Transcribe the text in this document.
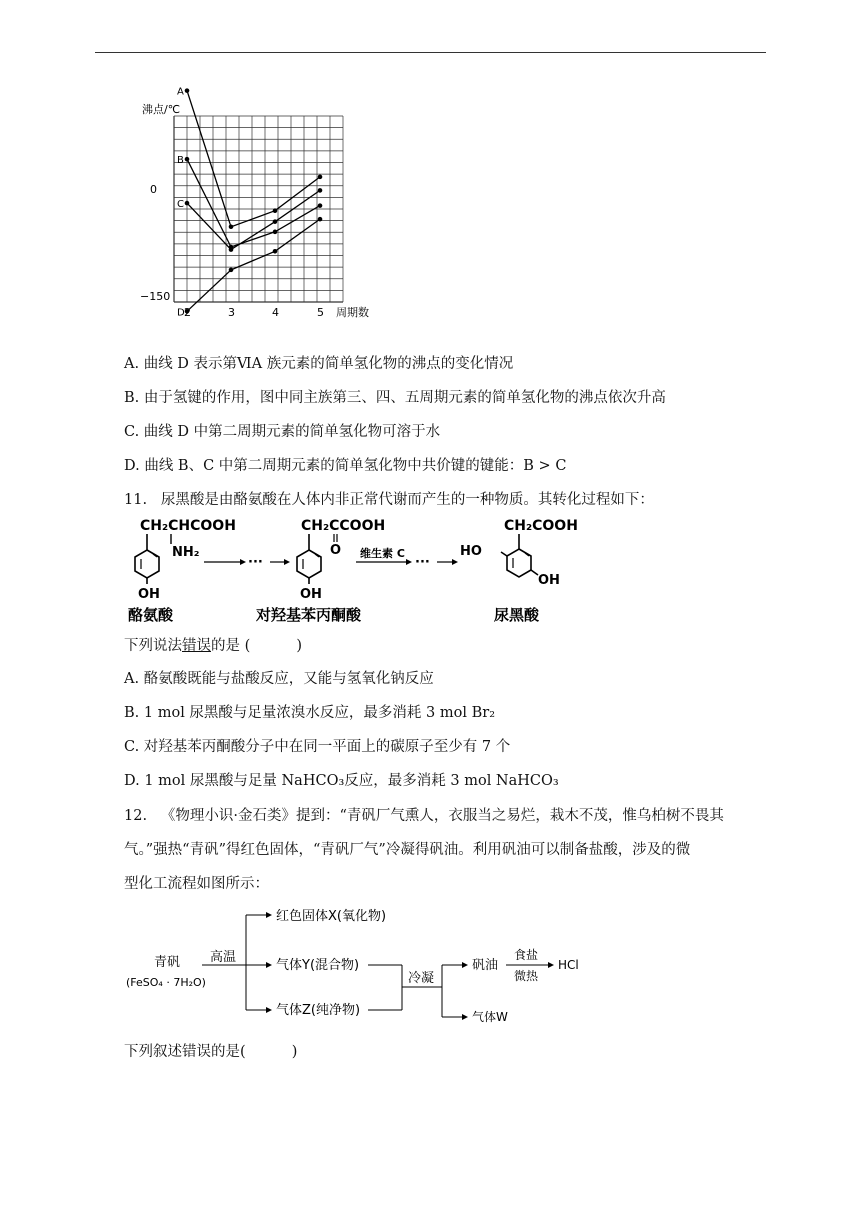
A
B
C
D
沸点/℃
0
−150
2	3	4	5 周期数
A. 曲线 D 表示第ⅥA 族元素的简单氢化物的沸点的变化情况
B. 由于氢键的作用，图中同主族第三、四、五周期元素的简单氢化物的沸点依次升高
C. 曲线 D 中第二周期元素的简单氢化物可溶于水
D. 曲线 B、C 中第二周期元素的简单氢化物中共价键的键能：B > C
11.   尿黑酸是由酪氨酸在人体内非正常代谢而产生的一种物质。其转化过程如下：
CH₂CHCOOH
NH₂
OH
酪氨酸
···
CH₂CCOOH
O
OH
对羟基苯丙酮酸
维生素 C
···
CH₂COOH
HO
OH
尿黑酸
下列说法错误的是 (          )
A. 酪氨酸既能与盐酸反应，又能与氢氧化钠反应
B. 1 mol 尿黑酸与足量浓溴水反应，最多消耗 3 mol Br₂
C. 对羟基苯丙酮酸分子中在同一平面上的碳原子至少有 7 个
D. 1 mol 尿黑酸与足量 NaHCO₃反应，最多消耗 3 mol NaHCO₃
12.   《物理小识·金石类》提到：“青矾厂气熏人，衣服当之易烂，栽木不茂，惟乌柏树不畏其
气。”强热“青矾”得红色固体，“青矾厂气”冷凝得矾油。利用矾油可以制备盐酸，涉及的微
型化工流程如图所示：
青矾
(FeSO₄ · 7H₂O)
高温
红色固体X(氧化物)
气体Y(混合物)
气体Z(纯净物)
冷凝
矾油
食盐
微热
HCl
气体W
下列叙述错误的是(          )
